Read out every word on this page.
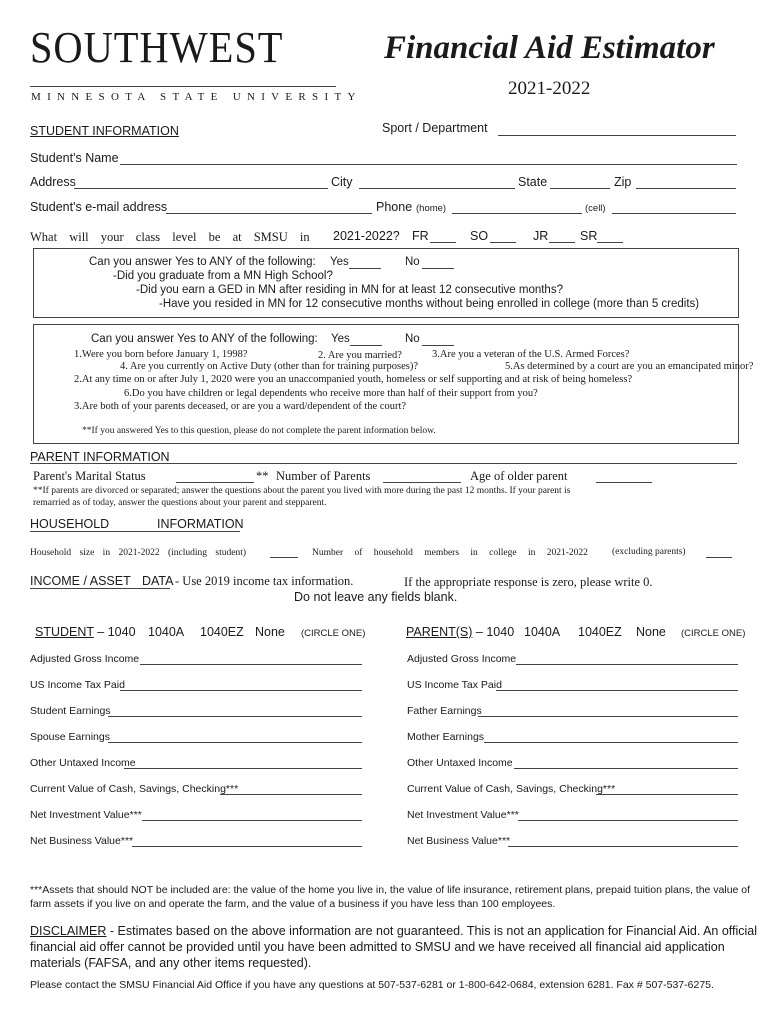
SOUTHWEST
MINNESOTA STATE UNIVERSITY
Financial Aid Estimator
2021-2022
STUDENT INFORMATION	Sport / Department
Student's Name
Address	City	State	Zip
Student's e-mail address	Phone (home)	(cell)
What will your class level be at SMSU in 2021-2022? FR	SO	JR	SR
Can you answer Yes to ANY of the following: Yes	No
-Did you graduate from a MN High School?
-Did you earn a GED in MN after residing in MN for at least 12 consecutive months?
-Have you resided in MN for 12 consecutive months without being enrolled in college (more than 5 credits)
Can you answer Yes to ANY of the following: Yes	No
1.Were you born before January 1, 1998?	2. Are you married?	3.Are you a veteran of the U.S. Armed Forces?
4. Are you currently on Active Duty (other than for training purposes)?	5.As determined by a court are you an emancipated minor?
2.At any time on or after July 1, 2020 were you an unaccompanied youth, homeless or self supporting and at risk of being homeless?
6.Do you have children or legal dependents who receive more than half of their support from you?
3.Are both of your parents deceased, or are you a ward/dependent of the court?
**If you answered Yes to this question, please do not complete the parent information below.
PARENT INFORMATION
Parent's Marital Status	** Number of Parents	Age of older parent
**If parents are divorced or separated; answer the questions about the parent you lived with more during the past 12 months. If your parent is
remarried as of today, answer the questions about your parent and stepparent.
HOUSEHOLD	INFORMATION
Household size in 2021-2022 (including student)	Number of household members in college in 2021-2022	(excluding parents)
INCOME / ASSET DATA - Use 2019 income tax information.	If the appropriate response is zero, please write 0.
Do not leave any fields blank.
STUDENT – 1040 1040A 1040EZ None (CIRCLE ONE)
Adjusted Gross Income
US Income Tax Paid
Student Earnings
Spouse Earnings
Other Untaxed Income
Current Value of Cash, Savings, Checking***
Net Investment Value***
Net Business Value***
PARENT(S) – 1040 1040A 1040EZ None (CIRCLE ONE)
Adjusted Gross Income
US Income Tax Paid
Father Earnings
Mother Earnings
Other Untaxed Income
Current Value of Cash, Savings, Checking***
Net Investment Value***
Net Business Value***
***Assets that should NOT be included are: the value of the home you live in, the value of life insurance, retirement plans, prepaid tuition plans, the value of
farm assets if you live on and operate the farm, and the value of a business if you have less than 100 employees.
DISCLAIMER - Estimates based on the above information are not guaranteed. This is not an application for Financial Aid. An official
financial aid offer cannot be provided until you have been admitted to SMSU and we have received all financial aid application
materials (FAFSA, and any other items requested).
Please contact the SMSU Financial Aid Office if you have any questions at 507-537-6281 or 1-800-642-0684, extension 6281. Fax # 507-537-6275.
